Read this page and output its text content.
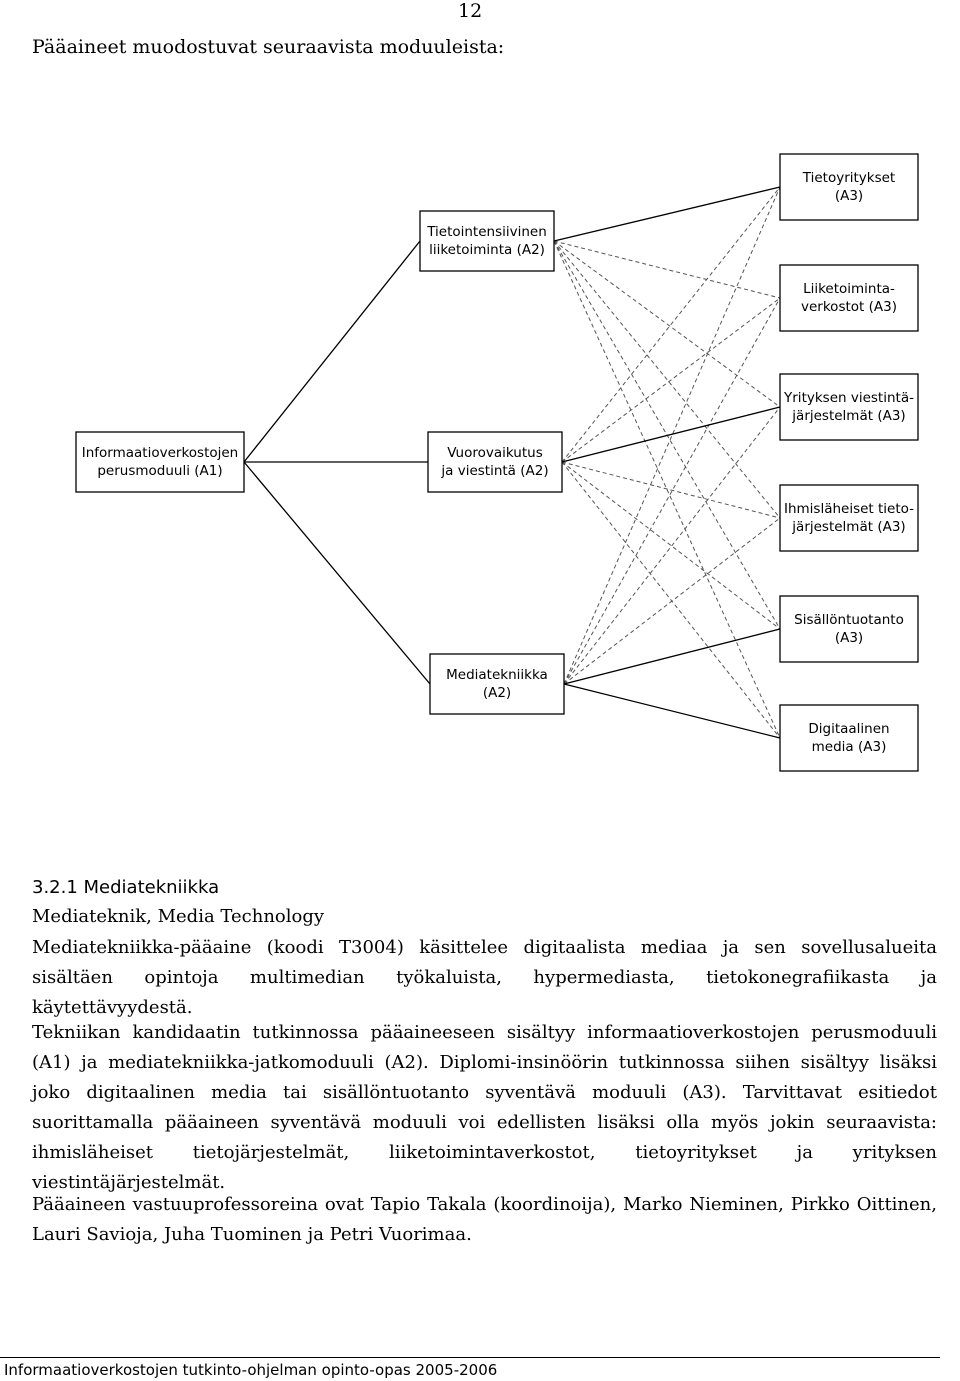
12
Pääaineet muodostuvat seuraavista moduuleista:
Informaatioverkostojen
perusmoduuli (A1)
Tietointensiivinen
liiketoiminta (A2)
Vuorovaikutus
ja viestintä (A2)
Mediatekniikka
(A2)
Tietoyritykset
(A3)
Liiketoiminta-
verkostot (A3)
Yrityksen viestintä-
järjestelmät (A3)
Ihmisläheiset tieto-
järjestelmät (A3)
Sisällöntuotanto
(A3)
Digitaalinen
media (A3)
3.2.1 Mediatekniikka
Mediateknik, Media Technology

Mediatekniikka-pääaine (koodi T3004) käsittelee digitaalista mediaa ja sen sovellusalueita sisältäen opintoja multimedian työkaluista, hypermediasta, tietokonegrafiikasta ja käytettävyydestä.

Tekniikan kandidaatin tutkinnossa pääaineeseen sisältyy informaatioverkostojen perusmoduuli (A1) ja mediatekniikka-jatkomoduuli (A2). Diplomi-insinöörin tutkinnossa siihen sisältyy lisäksi joko digitaalinen media tai sisällöntuotanto syventävä moduuli (A3). Tarvittavat esitiedot suorittamalla pääaineen syventävä moduuli voi edellisten lisäksi olla myös jokin seuraavista: ihmisläheiset tietojärjestelmät, liiketoimintaverkostot, tietoyritykset ja yrityksen viestintäjärjestelmät.

Pääaineen vastuuprofessoreina ovat Tapio Takala (koordinoija), Marko Nieminen, Pirkko Oittinen, Lauri Savioja, Juha Tuominen ja Petri Vuorimaa.

Informaatioverkostojen tutkinto-ohjelman opinto-opas 2005-2006
